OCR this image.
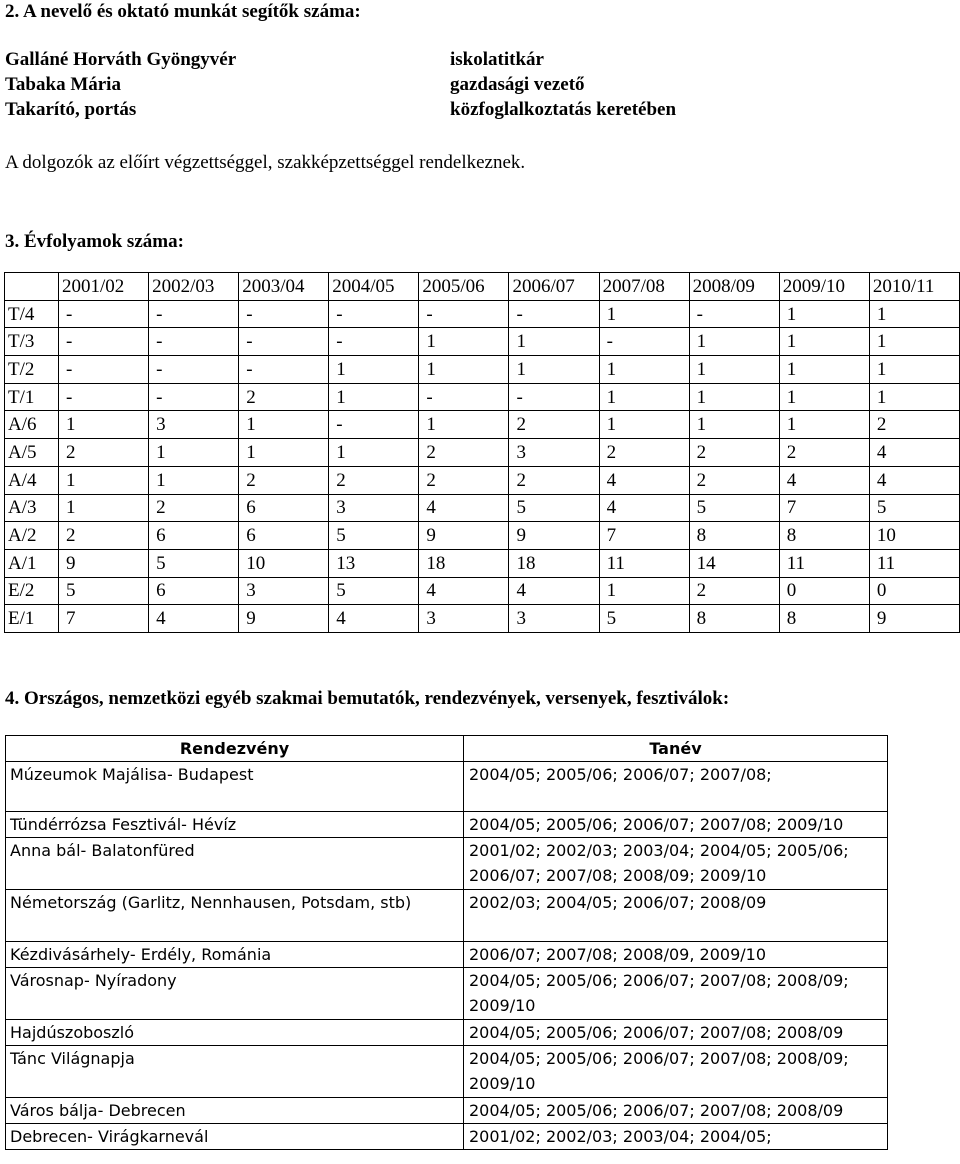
2. A nevelő és oktató munkát segítők száma:
Galláné Horváth Gyöngyvér	iskolatitkár
Tabaka Mária	gazdasági vezető
Takarító, portás	közfoglalkoztatás keretében
A dolgozók az előírt végzettséggel, szakképzettséggel rendelkeznek.
3. Évfolyamok száma:
	2001/02	2002/03	2003/04	2004/05	2005/06	2006/07	2007/08	2008/09	2009/10	2010/11
T/4	-	-	-	-	-	-	1	-	1	1
T/3	-	-	-	-	1	1	-	1	1	1
T/2	-	-	-	1	1	1	1	1	1	1
T/1	-	-	2	1	-	-	1	1	1	1
A/6	1	3	1	-	1	2	1	1	1	2
A/5	2	1	1	1	2	3	2	2	2	4
A/4	1	1	2	2	2	2	4	2	4	4
A/3	1	2	6	3	4	5	4	5	7	5
A/2	2	6	6	5	9	9	7	8	8	10
A/1	9	5	10	13	18	18	11	14	11	11
E/2	5	6	3	5	4	4	1	2	0	0
E/1	7	4	9	4	3	3	5	8	8	9
4. Országos, nemzetközi egyéb szakmai bemutatók, rendezvények, versenyek, fesztiválok:
Rendezvény	Tanév
Múzeumok Majálisa- Budapest	2004/05; 2005/06; 2006/07; 2007/08;
Tündérrózsa Fesztivál- Hévíz	2004/05; 2005/06; 2006/07; 2007/08; 2009/10
Anna bál- Balatonfüred	2001/02; 2002/03; 2003/04; 2004/05; 2005/06; 2006/07; 2007/08; 2008/09; 2009/10
Németország (Garlitz, Nennhausen, Potsdam, stb)	2002/03; 2004/05; 2006/07; 2008/09
Kézdivásárhely- Erdély, Románia	2006/07; 2007/08; 2008/09, 2009/10
Városnap- Nyíradony	2004/05; 2005/06; 2006/07; 2007/08; 2008/09; 2009/10
Hajdúszoboszló	2004/05; 2005/06; 2006/07; 2007/08; 2008/09
Tánc Világnapja	2004/05; 2005/06; 2006/07; 2007/08; 2008/09; 2009/10
Város bálja- Debrecen	2004/05; 2005/06; 2006/07; 2007/08; 2008/09
Debrecen- Virágkarnevál	2001/02; 2002/03; 2003/04; 2004/05;
